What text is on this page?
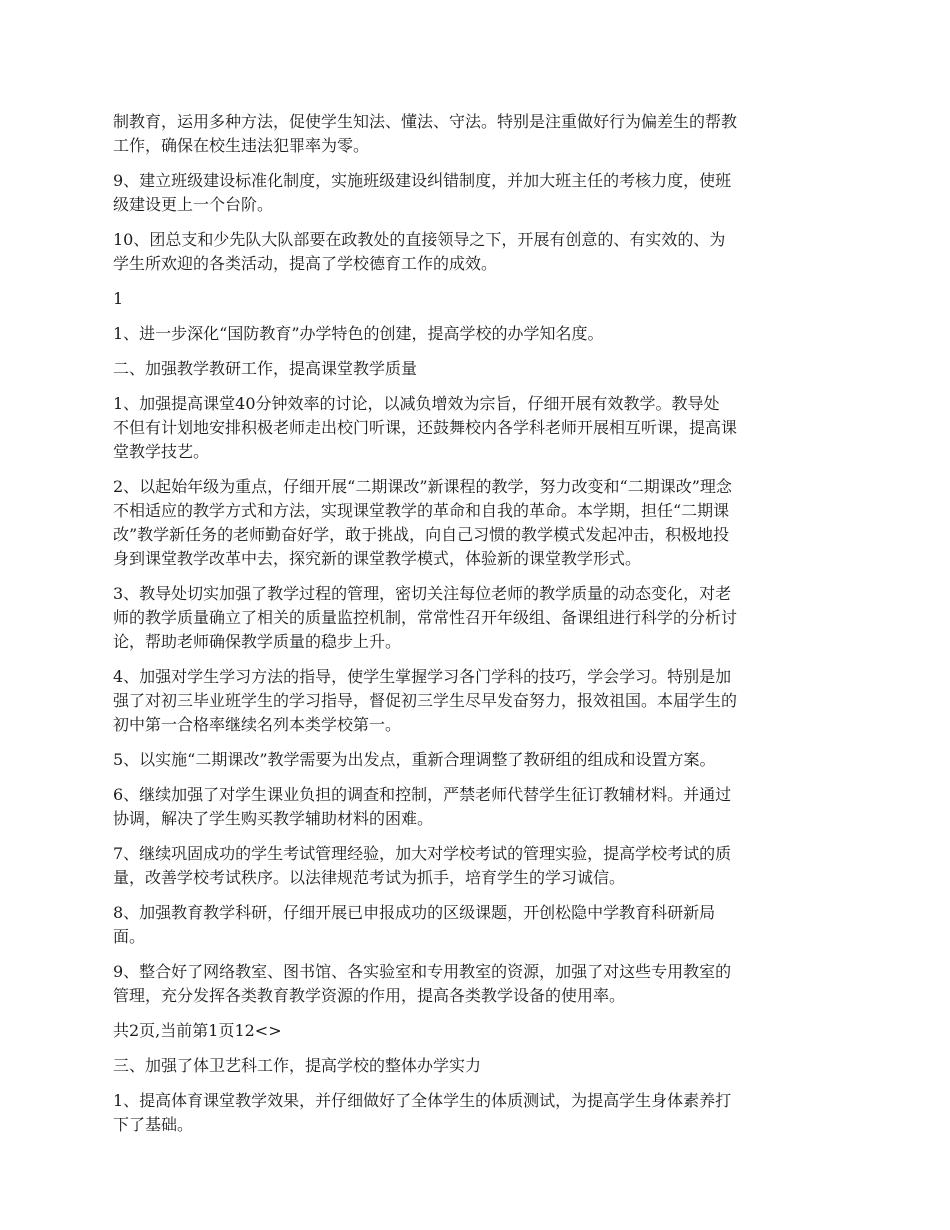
制教育，运用多种方法，促使学生知法、懂法、守法。特别是注重做好行为偏差生的帮教
工作，确保在校生违法犯罪率为零。

9、建立班级建设标准化制度，实施班级建设纠错制度，并加大班主任的考核力度，使班
级建设更上一个台阶。

10、团总支和少先队大队部要在政教处的直接领导之下，开展有创意的、有实效的、为
学生所欢迎的各类活动，提高了学校德育工作的成效。

1

1、进一步深化“国防教育”办学特色的创建，提高学校的办学知名度。

二、加强教学教研工作，提高课堂教学质量

1、加强提高课堂40分钟效率的讨论，以减负增效为宗旨，仔细开展有效教学。教导处
不但有计划地安排积极老师走出校门听课，还鼓舞校内各学科老师开展相互听课，提高课
堂教学技艺。

2、以起始年级为重点，仔细开展“二期课改”新课程的教学，努力改变和“二期课改”理念
不相适应的教学方式和方法，实现课堂教学的革命和自我的革命。本学期，担任“二期课
改”教学新任务的老师勤奋好学，敢于挑战，向自己习惯的教学模式发起冲击，积极地投
身到课堂教学改革中去，探究新的课堂教学模式，体验新的课堂教学形式。

3、教导处切实加强了教学过程的管理，密切关注每位老师的教学质量的动态变化，对老
师的教学质量确立了相关的质量监控机制，常常性召开年级组、备课组进行科学的分析讨
论，帮助老师确保教学质量的稳步上升。

4、加强对学生学习方法的指导，使学生掌握学习各门学科的技巧，学会学习。特别是加
强了对初三毕业班学生的学习指导，督促初三学生尽早发奋努力，报效祖国。本届学生的
初中第一合格率继续名列本类学校第一。

5、以实施“二期课改”教学需要为出发点，重新合理调整了教研组的组成和设置方案。

6、继续加强了对学生课业负担的调查和控制，严禁老师代替学生征订教辅材料。并通过
协调，解决了学生购买教学辅助材料的困难。

7、继续巩固成功的学生考试管理经验，加大对学校考试的管理实验，提高学校考试的质
量，改善学校考试秩序。以法律规范考试为抓手，培育学生的学习诚信。

8、加强教育教学科研，仔细开展已申报成功的区级课题，开创松隐中学教育科研新局
面。

9、整合好了网络教室、图书馆、各实验室和专用教室的资源，加强了对这些专用教室的
管理，充分发挥各类教育教学资源的作用，提高各类教学设备的使用率。

共2页,当前第1页12<>

三、加强了体卫艺科工作，提高学校的整体办学实力

1、提高体育课堂教学效果，并仔细做好了全体学生的体质测试，为提高学生身体素养打
下了基础。
